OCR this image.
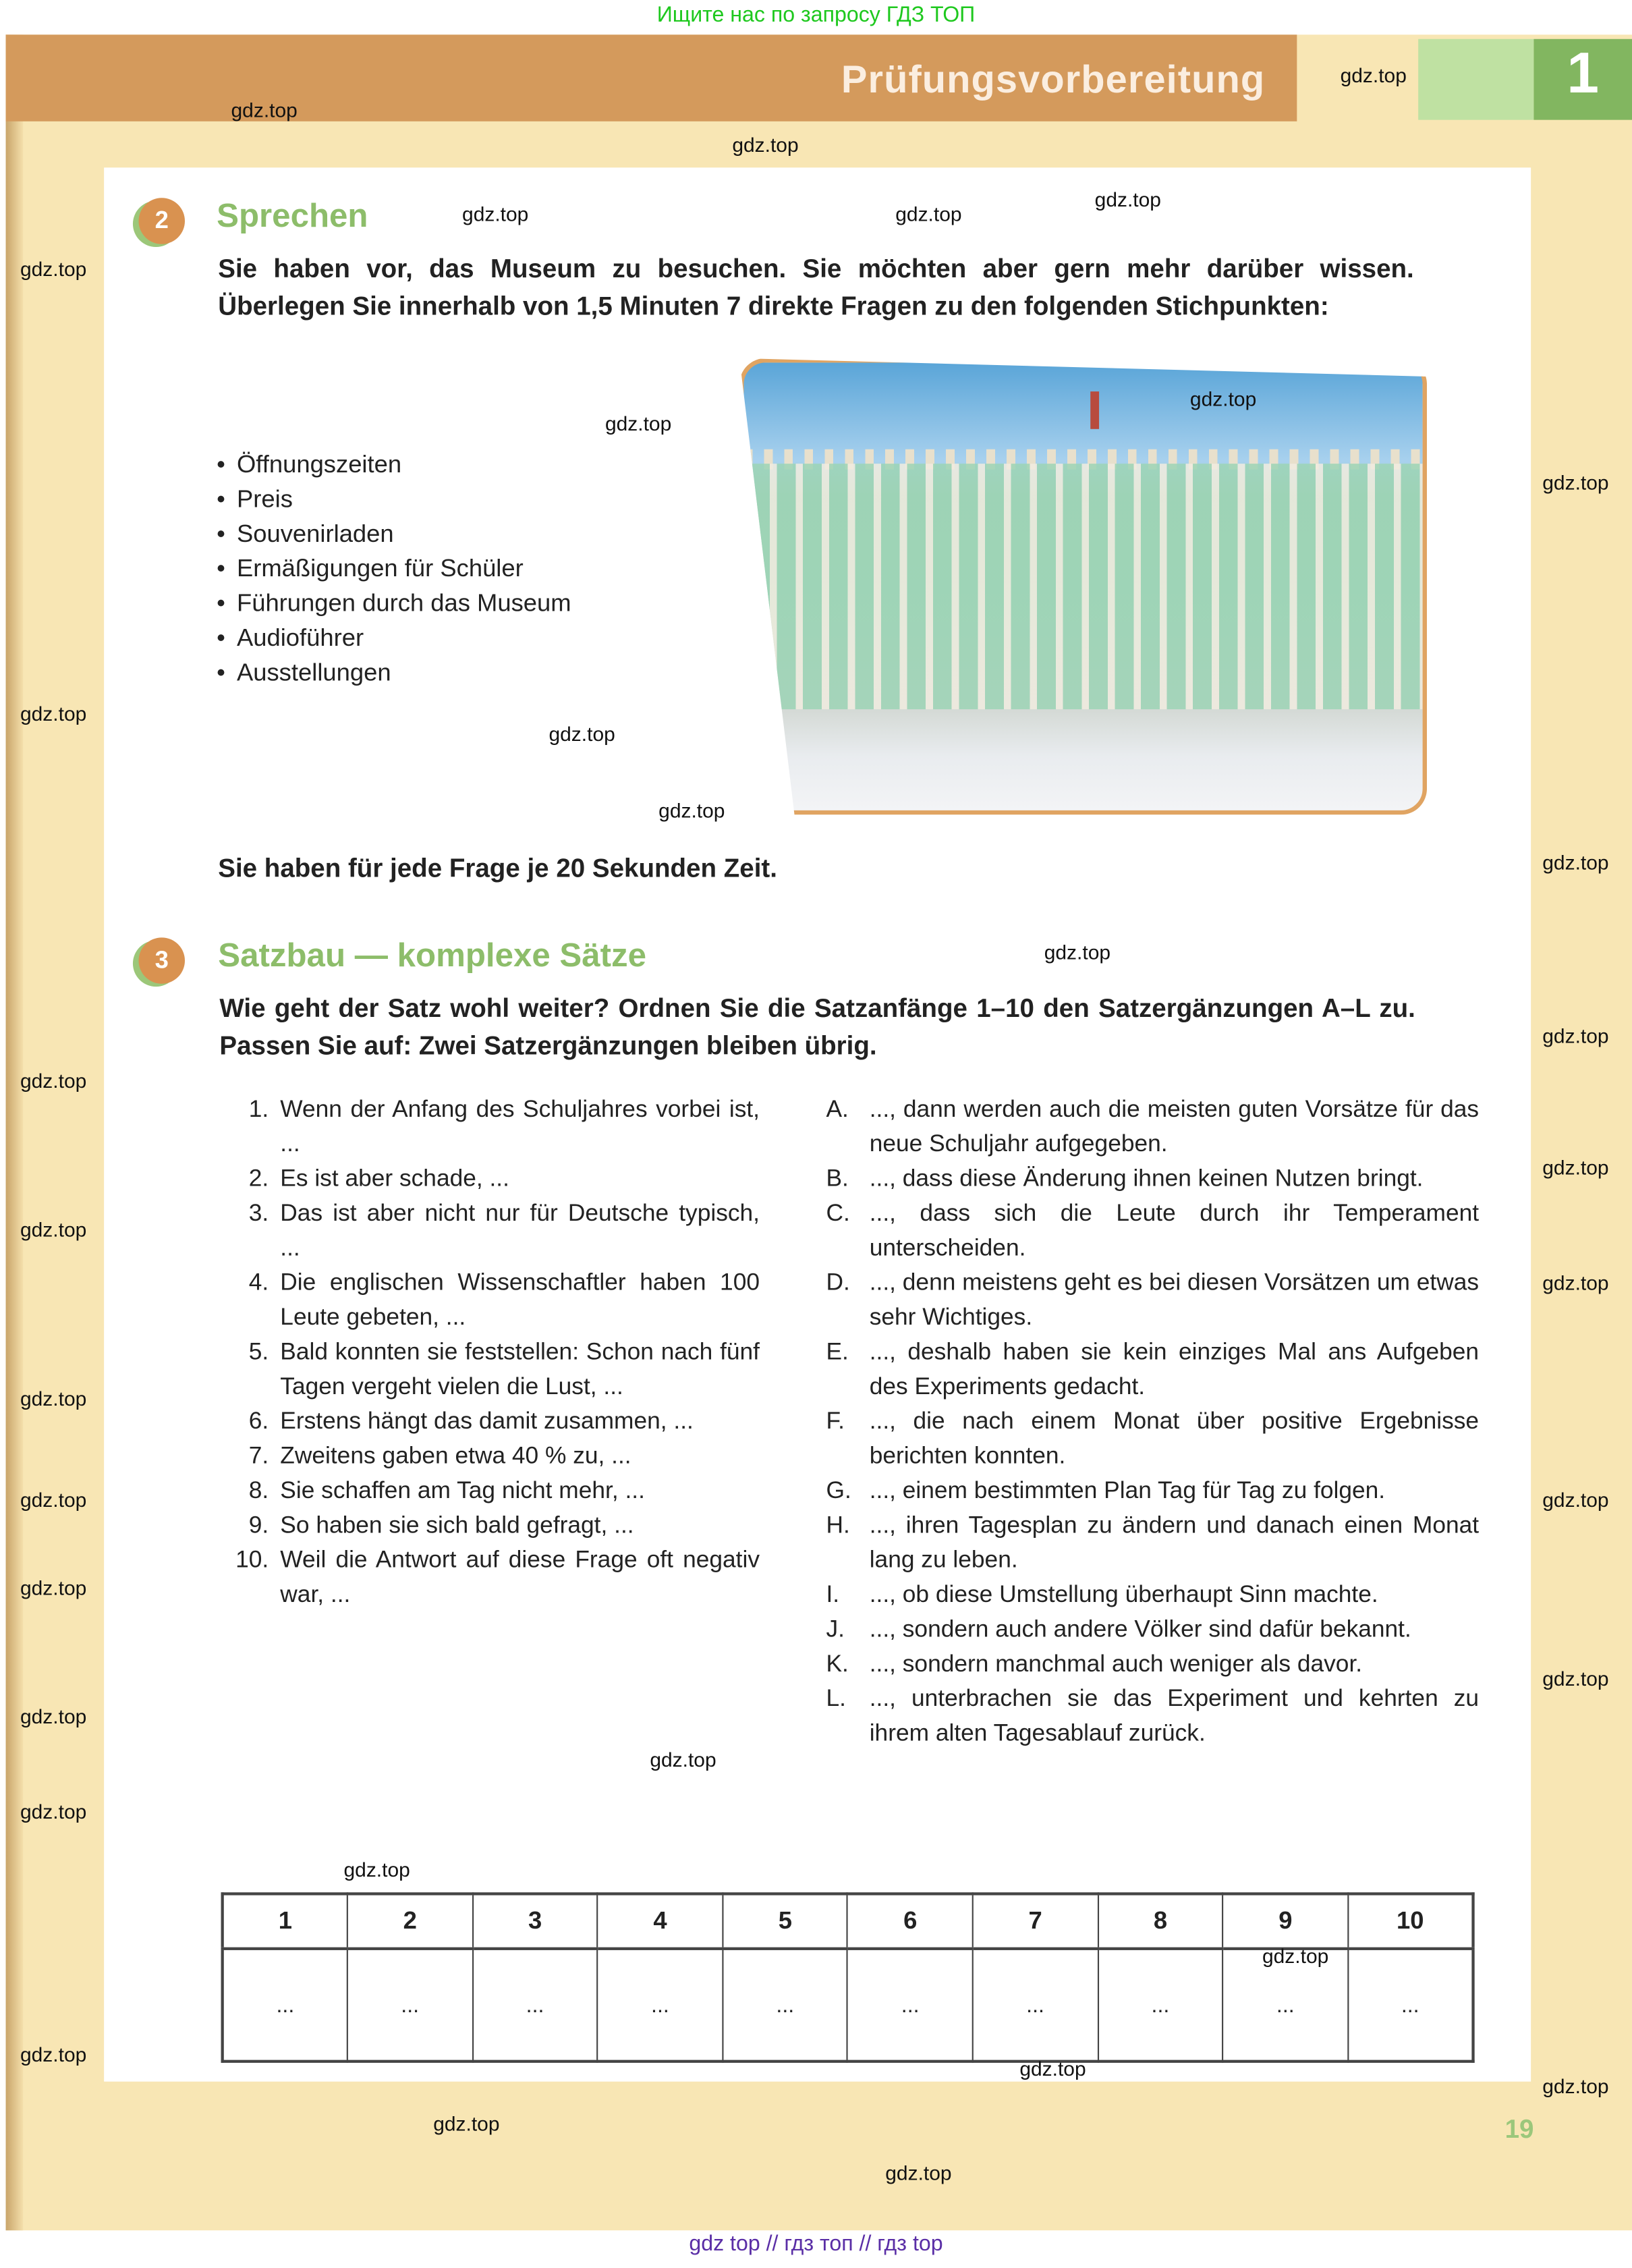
Ищите нас по запросу ГДЗ ТОП
Prüfungsvorbereitung	1
2	Sprechen
Sie haben vor, das Museum zu besuchen. Sie möchten aber gern mehr darüber wissen. Überlegen Sie innerhalb von 1,5 Minuten 7 direkte Fragen zu den folgenden Stichpunkten:
• Öffnungszeiten
• Preis
• Souvenirladen
• Ermäßigungen für Schüler
• Führungen durch das Museum
• Audioführer
• Ausstellungen
Sie haben für jede Frage je 20 Sekunden Zeit.
3	Satzbau — komplexe Sätze
Wie geht der Satz wohl weiter? Ordnen Sie die Satzanfänge 1–10 den Satzergänzungen A–L zu. Passen Sie auf: Zwei Satzergänzungen bleiben übrig.
1. Wenn der Anfang des Schuljahres vorbei ist, ...
2. Es ist aber schade, ...
3. Das ist aber nicht nur für Deutsche typisch, ...
4. Die englischen Wissenschaftler haben 100 Leute gebeten, ...
5. Bald konnten sie feststellen: Schon nach fünf Tagen vergeht vielen die Lust, ...
6. Erstens hängt das damit zusammen, ...
7. Zweitens gaben etwa 40 % zu, ...
8. Sie schaffen am Tag nicht mehr, ...
9. So haben sie sich bald gefragt, ...
10. Weil die Antwort auf diese Frage oft negativ war, ...
A.	..., dann werden auch die meisten guten Vorsätze für das neue Schuljahr aufgegeben.
B.	..., dass diese Änderung ihnen keinen Nutzen bringt.
C.	..., dass sich die Leute durch ihr Temperament unterscheiden.
D.	..., denn meistens geht es bei diesen Vorsätzen um etwas sehr Wichtiges.
E.	..., deshalb haben sie kein einziges Mal ans Aufgeben des Experiments gedacht.
F.	..., die nach einem Monat über positive Ergebnisse berichten konnten.
G.	..., einem bestimmten Plan Tag für Tag zu folgen.
H.	..., ihren Tagesplan zu ändern und danach einen Monat lang zu leben.
I.	..., ob diese Umstellung überhaupt Sinn machte.
J.	..., sondern auch andere Völker sind dafür bekannt.
K.	..., sondern manchmal auch weniger als davor.
L.	..., unterbrachen sie das Experiment und kehrten zu ihrem alten Tagesablauf zurück.
1	2	3	4	5	6	7	8	9	10
...	...	...	...	...	...	...	...	...	...
19
gdz.top
gdz.top
gdz.top
gdz.top
gdz.top
gdz.top
gdz.top
gdz.top
gdz.top
gdz.top
gdz.top
gdz.top
gdz.top
gdz.top
gdz.top
gdz.top
gdz.top
gdz.top
gdz.top
gdz.top
gdz.top
gdz.top
gdz.top
gdz.top
gdz.top
gdz.top
gdz.top
gdz.top
gdz.top
gdz.top
gdz.top
gdz.top
gdz.top
gdz.top
gdz.top
gdz top // гдз топ // гдз top
